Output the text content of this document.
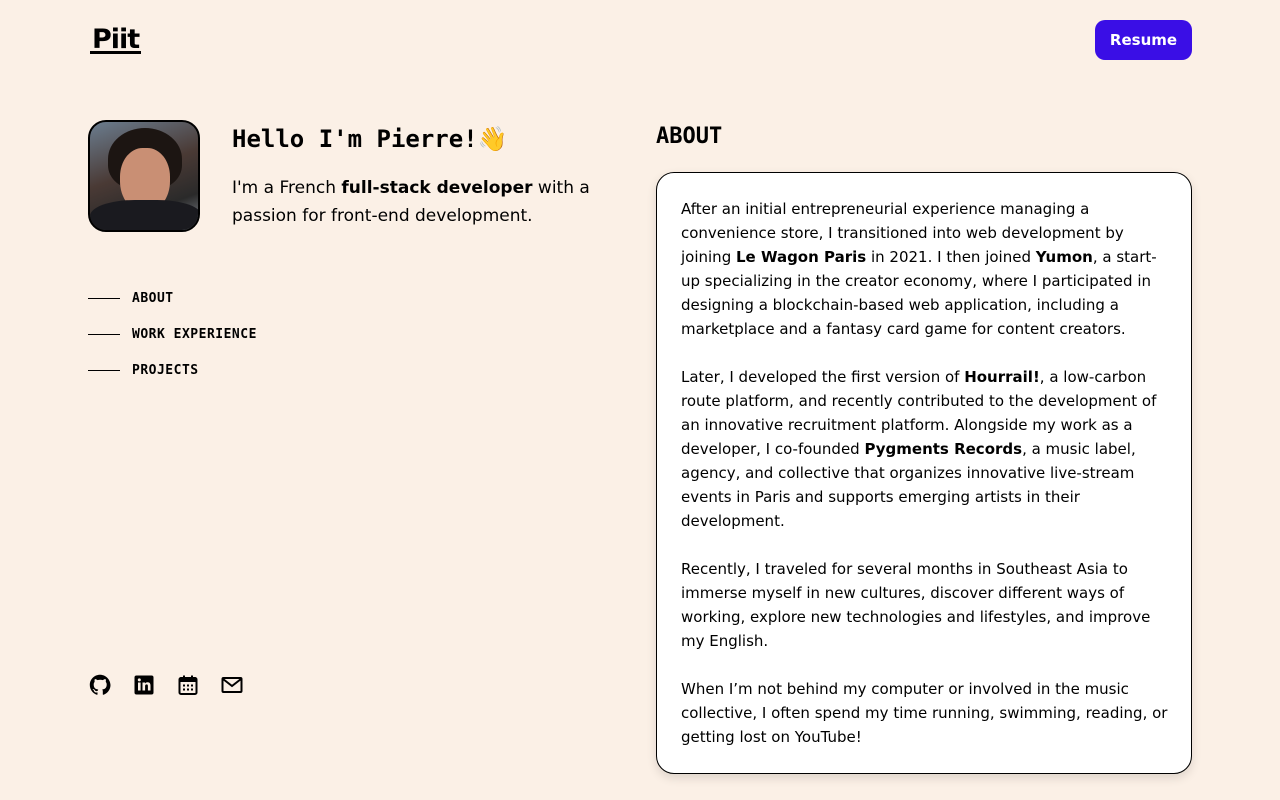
Piit	Resume
Hello I'm Pierre!👋

I'm a French full-stack developer with a passion for front-end development.

ABOUT
WORK EXPERIENCE
PROJECTS
ABOUT

After an initial entrepreneurial experience managing a convenience store, I transitioned into web development by joining Le Wagon Paris in 2021. I then joined Yumon, a start-up specializing in the creator economy, where I participated in designing a blockchain-based web application, including a marketplace and a fantasy card game for content creators.

Later, I developed the first version of Hourrail!, a low-carbon route platform, and recently contributed to the development of an innovative recruitment platform. Alongside my work as a developer, I co-founded Pygments Records, a music label, agency, and collective that organizes innovative live-stream events in Paris and supports emerging artists in their development.

Recently, I traveled for several months in Southeast Asia to immerse myself in new cultures, discover different ways of working, explore new technologies and lifestyles, and improve my English.

When I’m not behind my computer or involved in the music collective, I often spend my time running, swimming, reading, or getting lost on YouTube!
